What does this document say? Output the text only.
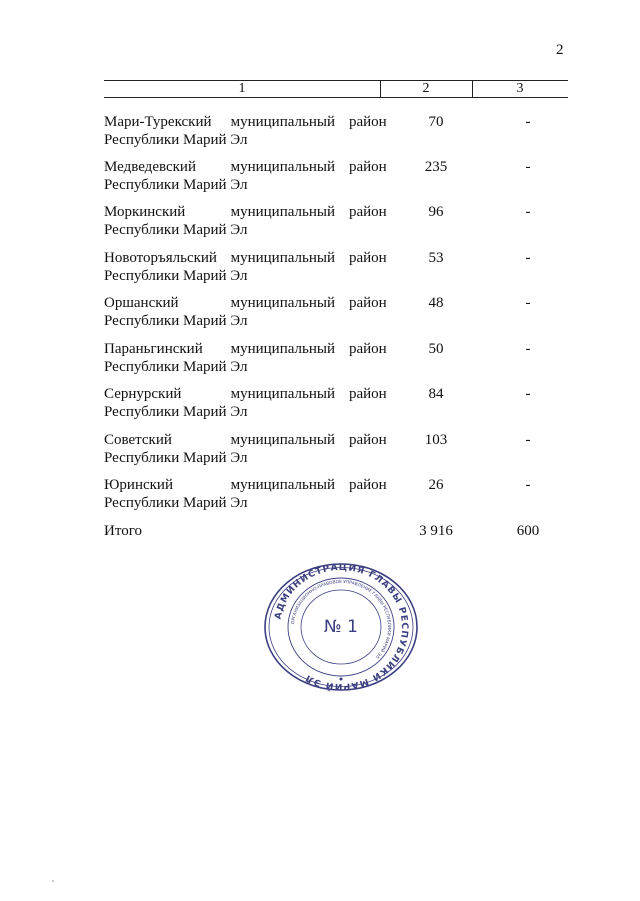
2
1	2	3
Мари-Турекский муниципальный район
Республики Марий Эл
70	-
Медведевский муниципальный район
Республики Марий Эл
235	-
Моркинский	муниципальный район
Республики Марий Эл
96	-
Новоторъяльский муниципальный район
Республики Марий Эл
53	-
Оршанский	муниципальный район
Республики Марий Эл
48	-
Параньгинский муниципальный район
Республики Марий Эл
50	-
Сернурский	муниципальный район
Республики Марий Эл
84	-
Советский	муниципальный район
Республики Марий Эл
103	-
Юринский	муниципальный район
Республики Марий Эл
26	-
Итого	3 916	600
АДМИНИСТРАЦИЯ ГЛАВЫ РЕСПУБЛИКИ МАРИЙ ЭЛ
ОРГАНИЗАЦИОННО-ПРАВОВОЕ УПРАВЛЕНИЕ ГЛАВЫ РЕСПУБЛИКИ МАРИЙ ЭЛ
№ 1
